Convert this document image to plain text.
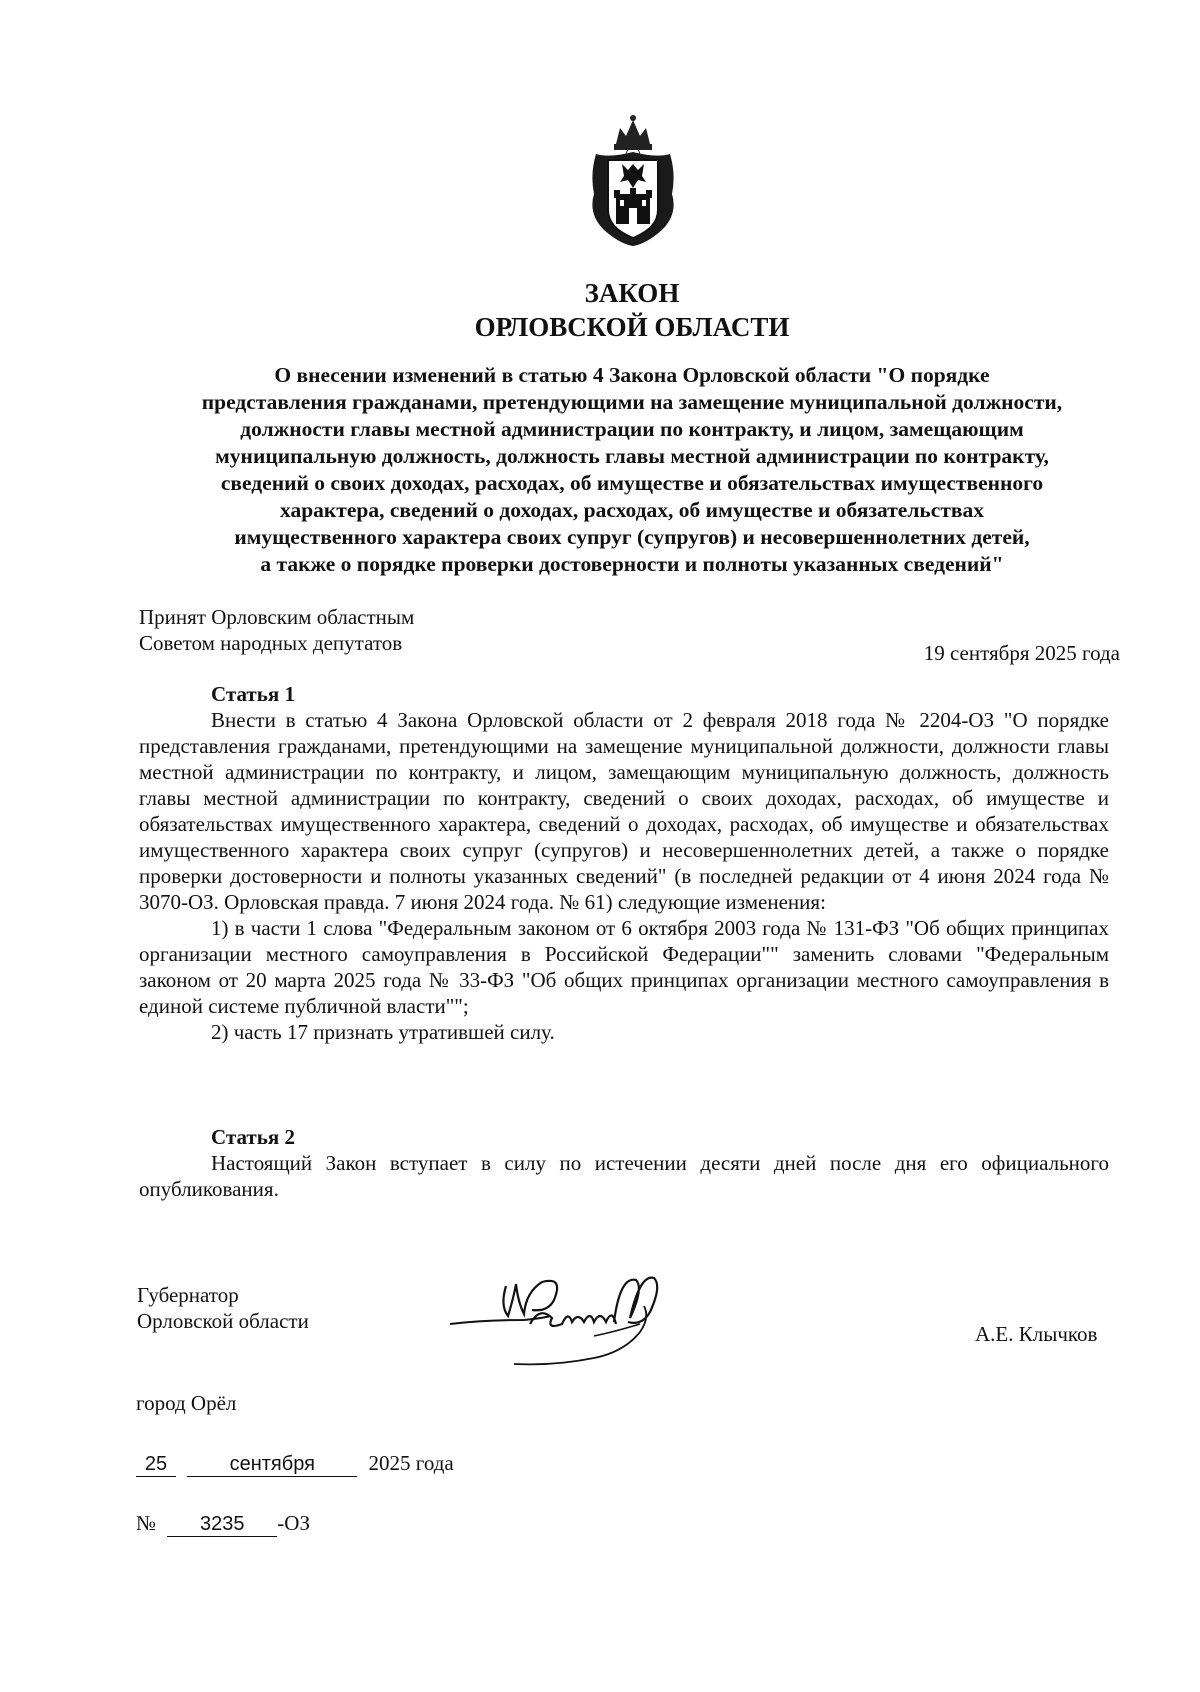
ЗАКОН
ОРЛОВСКОЙ ОБЛАСТИ
О внесении изменений в статью 4 Закона Орловской области "О порядке
представления гражданами, претендующими на замещение муниципальной должности,
должности главы местной администрации по контракту, и лицом, замещающим
муниципальную должность, должность главы местной администрации по контракту,
сведений о своих доходах, расходах, об имуществе и обязательствах имущественного
характера, сведений о доходах, расходах, об имуществе и обязательствах
имущественного характера своих супруг (супругов) и несовершеннолетних детей,
а также о порядке проверки достоверности и полноты указанных сведений"
Принят Орловским областным
Советом народных депутатов	19 сентября 2025 года

Статья 1

Внести в статью 4 Закона Орловской области от 2 февраля 2018 года № 2204-ОЗ "О порядке представления гражданами, претендующими на замещение муниципальной должности, должности главы местной администрации по контракту, и лицом, замещающим муниципальную должность, должность главы местной администрации по контракту, сведений о своих доходах, расходах, об имуществе и обязательствах имущественного характера, сведений о доходах, расходах, об имуществе и обязательствах имущественного характера своих супруг (супругов) и несовершеннолетних детей, а также о порядке проверки достоверности и полноты указанных сведений" (в последней редакции от 4 июня 2024 года № 3070-ОЗ. Орловская правда. 7 июня 2024 года. № 61) следующие изменения:

1) в части 1 слова "Федеральным законом от 6 октября 2003 года № 131-ФЗ "Об общих принципах организации местного самоуправления в Российской Федерации"" заменить словами "Федеральным законом от 20 марта 2025 года № 33-ФЗ "Об общих принципах организации местного самоуправления в единой системе публичной власти"";

2) часть 17 признать утратившей силу.

Статья 2

Настоящий Закон вступает в силу по истечении десяти дней после дня его официального опубликования.

Губернатор
Орловской области
А.Е. Клычков
город Орёл
25	сентября	2025 года
№ 3235 -ОЗ
